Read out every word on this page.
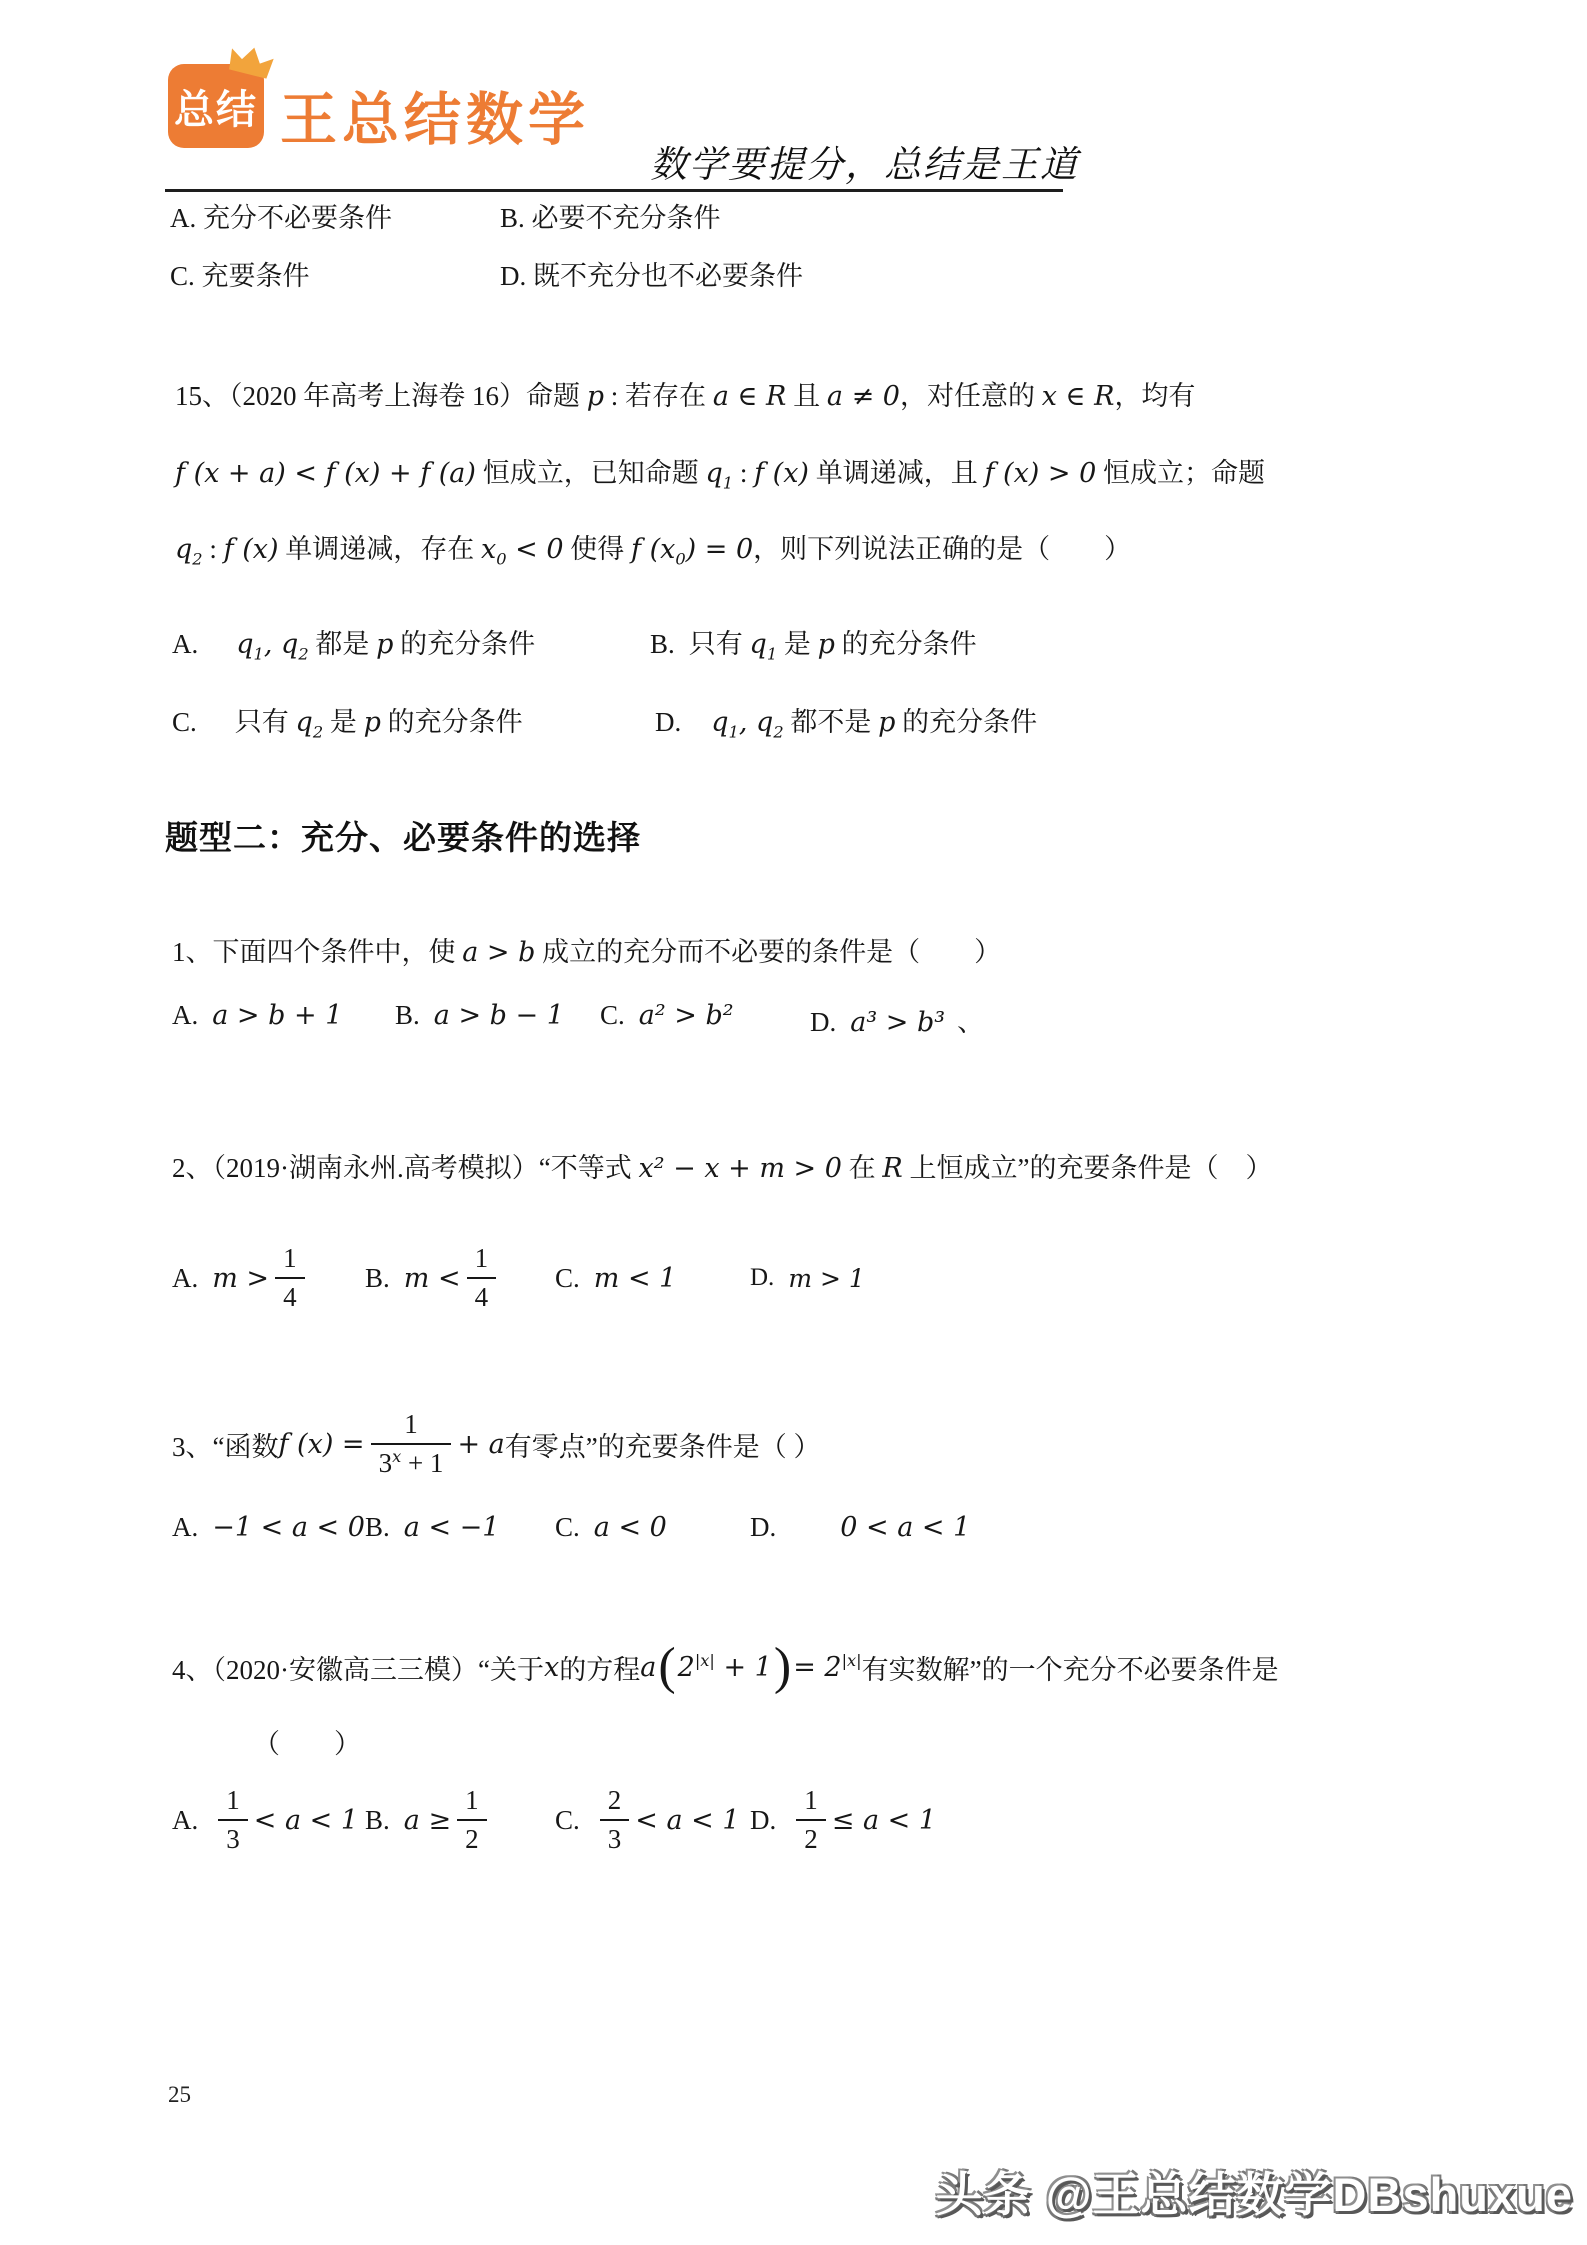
总结 王总结数学
数学要提分，总结是王道
A. 充分不必要条件	B. 必要不充分条件
C. 充要条件	D. 既不充分也不必要条件
15、（2020 年高考上海卷 16）命题 p : 若存在 a ∈ R 且 a ≠ 0，对任意的 x ∈ R，均有
f (x + a) < f (x) + f (a) 恒成立，已知命题 $q_1$ : f (x) 单调递减，且 f (x) > 0 恒成立；命题
$q_2$ : f (x) 单调递减，存在 $x_0 < 0$ 使得 f $(x_0) = 0$，则下列说法正确的是（　　）
A. $q_1$, $q_2$ 都是 p 的充分条件	B. 只有 $q_1$ 是 p 的充分条件
C. 只有 $q_2$ 是 p 的充分条件	D. $q_1$, $q_2$ 都不是 p 的充分条件
题型二：充分、必要条件的选择
1、下面四个条件中，使 a > b 成立的充分而不必要的条件是（　　）
A. a > b + 1 B. a > b − 1 C. a² > b²	D. a³ > b³ 、
2、（2019·湖南永州.高考模拟）“不等式 x² − x + m > 0 在 R 上恒成立”的充要条件是（　）
A. $m > \frac{1}{4} B$. $m < \frac{1}{4} C$. m < 1	D. m > 1
3、“函数 f $(x) = \frac{1}{3^x + 1} + a$ 有零点”的充要条件是（ ）
A. −1 < a < 0 B. a < −1 C. a < 0	D. 0 < a < 1
4、（2020·安徽高三三模）“关于 x 的方程 a ( $2^{|x|} + 1$ ) = $2^{|x|}$ 有实数解”的一个充分不必要条件是
（　　）
A. $\frac{1}{3} < a < 1$ B. $a \ge \frac{1}{2}$	C. $\frac{2}{3} < a < 1$ D. $\frac{1}{2} \le a < 1$
25
头条 @王总结数学DBshuxue
